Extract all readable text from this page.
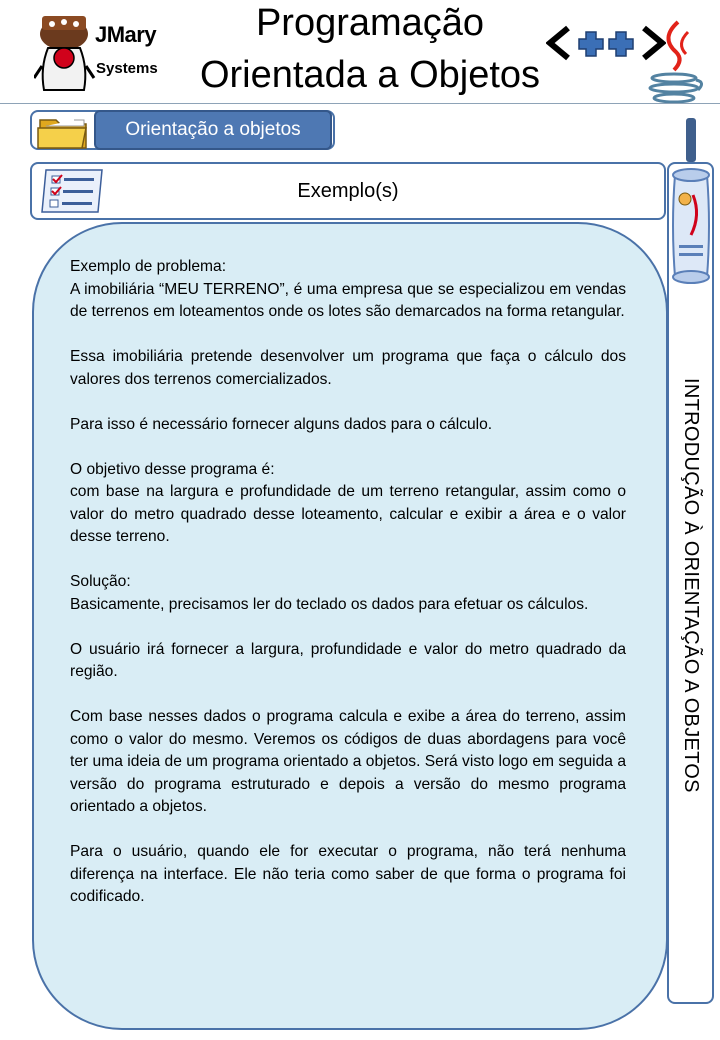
JMary
Systems
Programação
Orientada a Objetos
Orientação a objetos
Exemplo(s)

Exemplo de problema:
A imobiliária “MEU TERRENO”, é uma empresa que se especializou em vendas de terrenos em loteamentos onde os lotes são demarcados na forma retangular.

Essa imobiliária pretende desenvolver um programa que faça o cálculo dos valores dos terrenos comercializados.

Para isso é necessário fornecer alguns dados para o cálculo.

O objetivo desse programa é:
com base na largura e profundidade de um terreno retangular, assim como o valor do metro quadrado desse loteamento, calcular e exibir a área e o valor desse terreno.

Solução:
Basicamente, precisamos ler do teclado os dados para efetuar os cálculos.

O usuário irá fornecer a largura, profundidade e valor do metro quadrado da região.

Com base nesses dados o programa calcula e exibe a área do terreno, assim como o valor do mesmo. Veremos os códigos de duas abordagens para você ter uma ideia de um programa orientado a objetos. Será visto logo em seguida a versão do programa estruturado e depois a versão do mesmo programa orientado a objetos.

Para o usuário, quando ele for executar o programa, não terá nenhuma diferença na interface. Ele não teria como saber de que forma o programa foi codificado.

INTRODUÇÃO À ORIENTAÇÃO A OBJETOS
